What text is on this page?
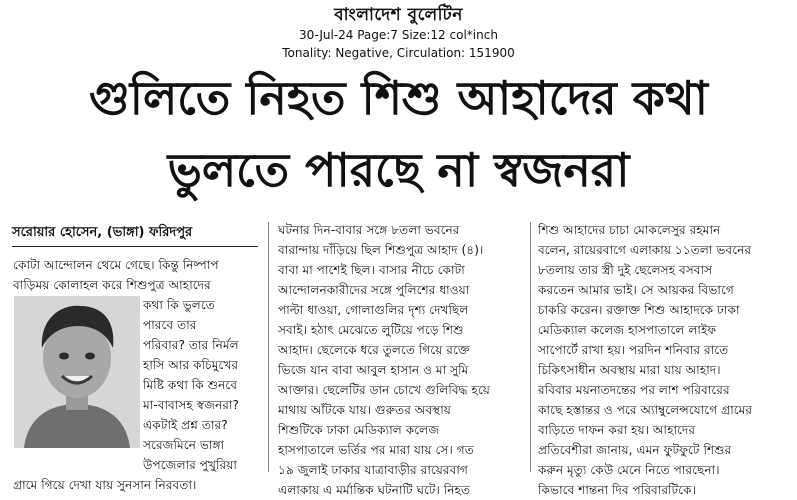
বাংলাদেশ বুলেটিন
30-Jul-24 Page:7 Size:12 col*inch
Tonality: Negative, Circulation: 151900
গুলিতে নিহত শিশু আহাদের কথা
ভুলতে পারছে না স্বজনরা
সরোয়ার হোসেন, (ভাঙ্গা) ফরিদপুর
কোটা আন্দোলন থেমে গেছে। কিন্তু নিষ্পাপ
বাড়িময় কোলাহল করে শিশুপুত্র আহাদের
কথা কি ভুলতে
পারবে তার
পরিবার? তার নির্মল
হাসি আর কচিমুখের
মিষ্টি কথা কি শুনবে
মা-বাবাসহ স্বজনরা?
একটাই প্রশ্ন তার?
সরেজমিনে ভাঙ্গা
উপজেলার পুখুরিয়া
গ্রামে গিয়ে দেখা যায় সুনসান নিরবতা।
ঘটনার দিন-বাবার সঙ্গে ৮তলা ভবনের
বারান্দায় দাঁড়িয়ে ছিল শিশুপুত্র আহাদ (৪)।
বাবা মা পাশেই ছিল। বাসার নীচে কোটা
আন্দোলনকারীদের সঙ্গে পুলিশের ধাওয়া
পাল্টা ধাওয়া, গোলাগুলির দৃশ্য দেখছিল
সবাই। হঠাৎ মেঝেতে লুটিয়ে পড়ে শিশু
আহাদ। ছেলেকে ধরে তুলতে গিয়ে রক্তে
ভিজে যান বাবা আবুল হাসান ও মা সুমি
আক্তার। ছেলেটির ডান চোখে গুলিবিদ্ধ হয়ে
মাথায় আঁটকে যায়। গুরুতর অবস্থায়
শিশুটিকে ঢাকা মেডিক্যাল কলেজ
হাসপাতালে ভর্তির পর মারা যায় সে। গত
১৯ জুলাই ঢাকার যাত্রাবাড়ীর রায়েরবাগ
এলাকায় এ মর্মান্তিক ঘটনাটি ঘটে। নিহত
শিশু আহাদের চাচা মোকলেসুর রহমান
বলেন, রায়েরবাগে এলাকায় ১১তলা ভবনের
৮তলায় তার স্ত্রী দুই ছেলেসহ বসবাস
করতেন আমার ভাই। সে আয়কর বিভাগে
চাকরি করেন। রক্তাক্ত শিশু আহাদকে ঢাকা
মেডিক্যাল কলেজ হাসপাতালে লাইফ
সাপোর্টে রাখা হয়। পরদিন শনিবার রাতে
চিকিৎসাধীন অবস্থায় মারা যায় আহাদ।
রবিবার ময়নাতদন্তের পর লাশ পরিবারের
কাছে হস্তান্তর ও পরে অ্যাম্বুলেন্সযোগে গ্রামের
বাড়িতে দাফন করা হয়। আহাদের
প্রতিবেশীরা জানায়, এমন ফুটফুটে শিশুর
করুন মৃত্যু কেউ মেনে নিতে পারছেনা।
কিভাবে শান্তনা দিব পরিবারটিকে।
